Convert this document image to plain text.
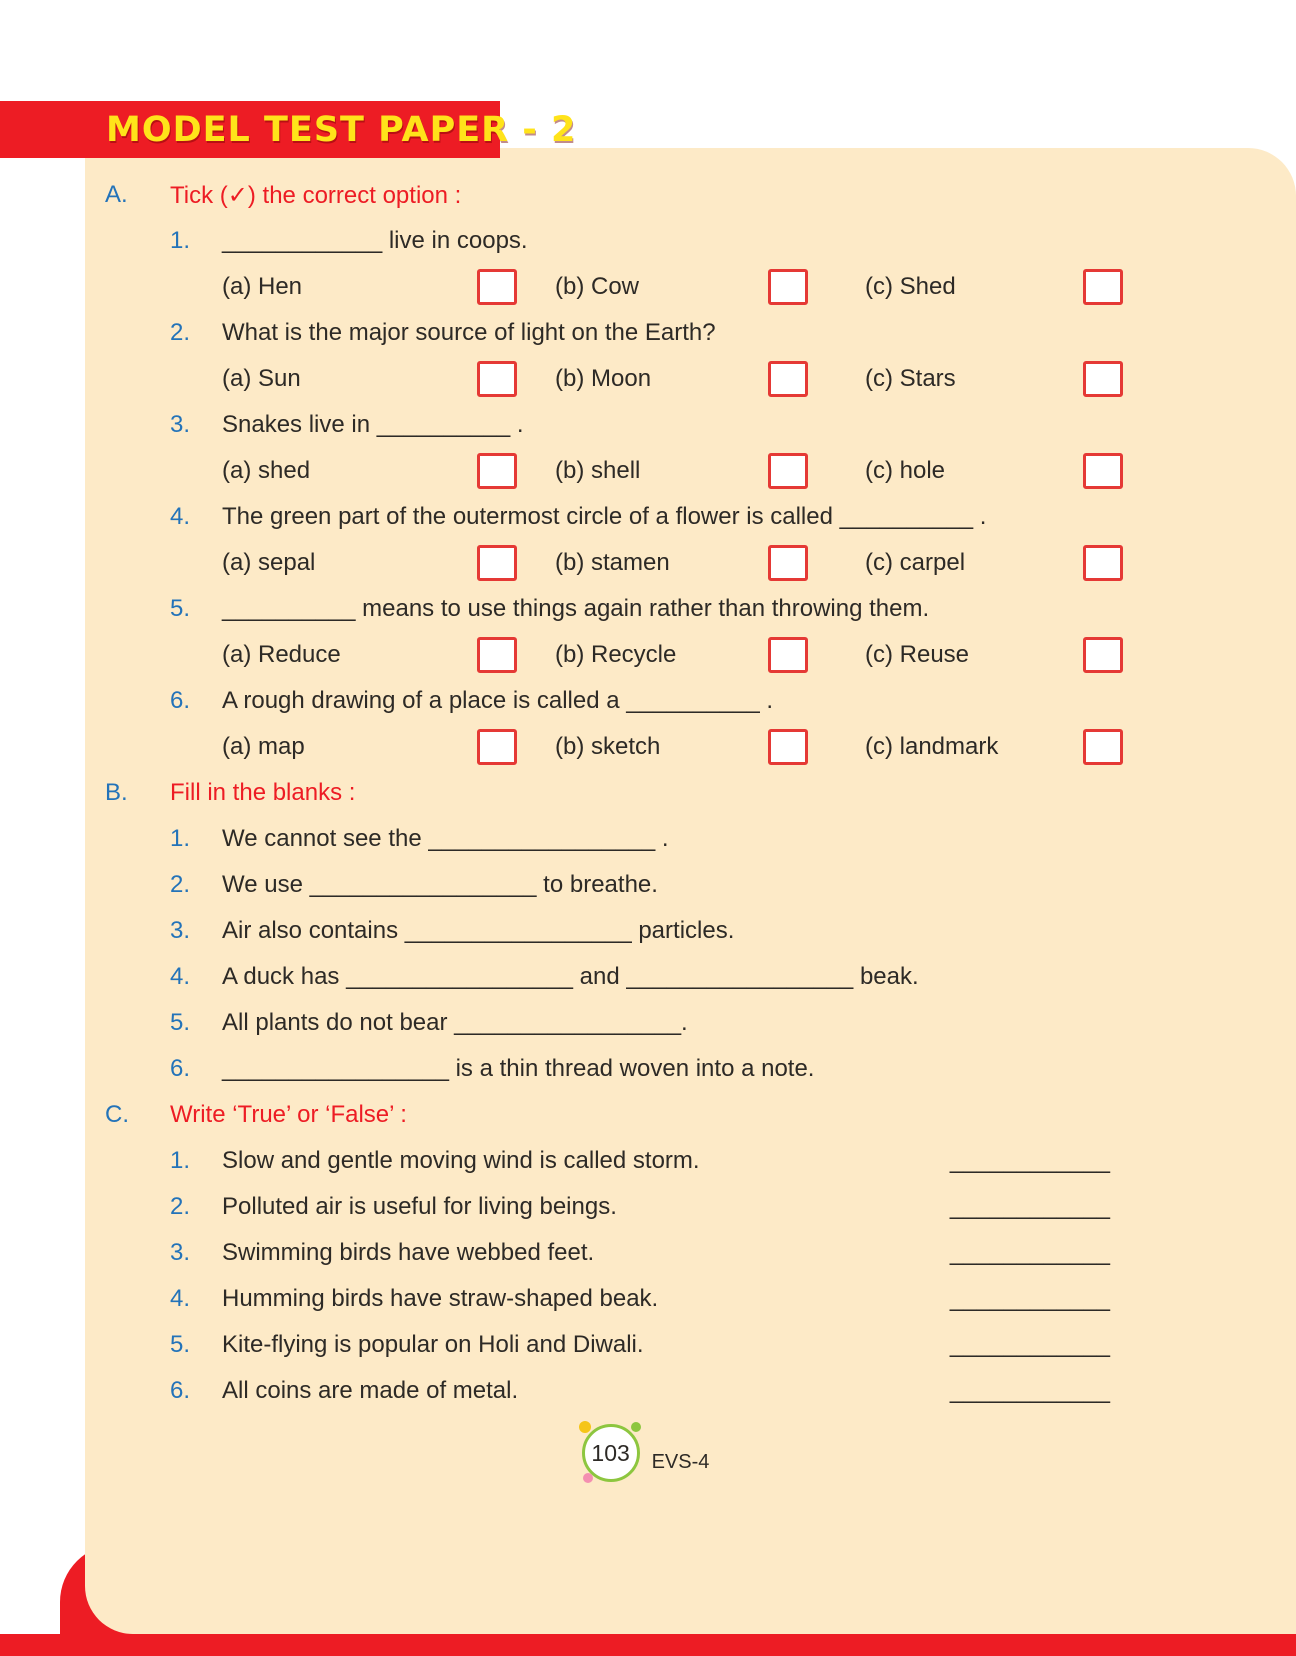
MODEL TEST PAPER - 2
A.	Tick (✓) the correct option :
1.	____________ live in coops.
(a) Hen	(b) Cow	(c) Shed
2.	What is the major source of light on the Earth?
(a) Sun	(b) Moon	(c) Stars
3.	Snakes live in __________ .
(a) shed	(b) shell	(c) hole
4.	The green part of the outermost circle of a flower is called __________ .
(a) sepal	(b) stamen	(c) carpel
5.	__________ means to use things again rather than throwing them.
(a) Reduce	(b) Recycle	(c) Reuse
6.	A rough drawing of a place is called a __________ .
(a) map	(b) sketch	(c) landmark
B.	Fill in the blanks :
1.	We cannot see the _________________ .
2.	We use _________________ to breathe.
3.	Air also contains _________________ particles.
4.	A duck has _________________ and _________________ beak.
5.	All plants do not bear _________________.
6.	_________________ is a thin thread woven into a note.
C.	Write ‘True’ or ‘False’ :
1.	Slow and gentle moving wind is called storm.	____________
2.	Polluted air is useful for living beings.	____________
3.	Swimming birds have webbed feet.	____________
4.	Humming birds have straw-shaped beak.	____________
5.	Kite-flying is popular on Holi and Diwali.	____________
6.	All coins are made of metal.	____________
103 EVS-4
